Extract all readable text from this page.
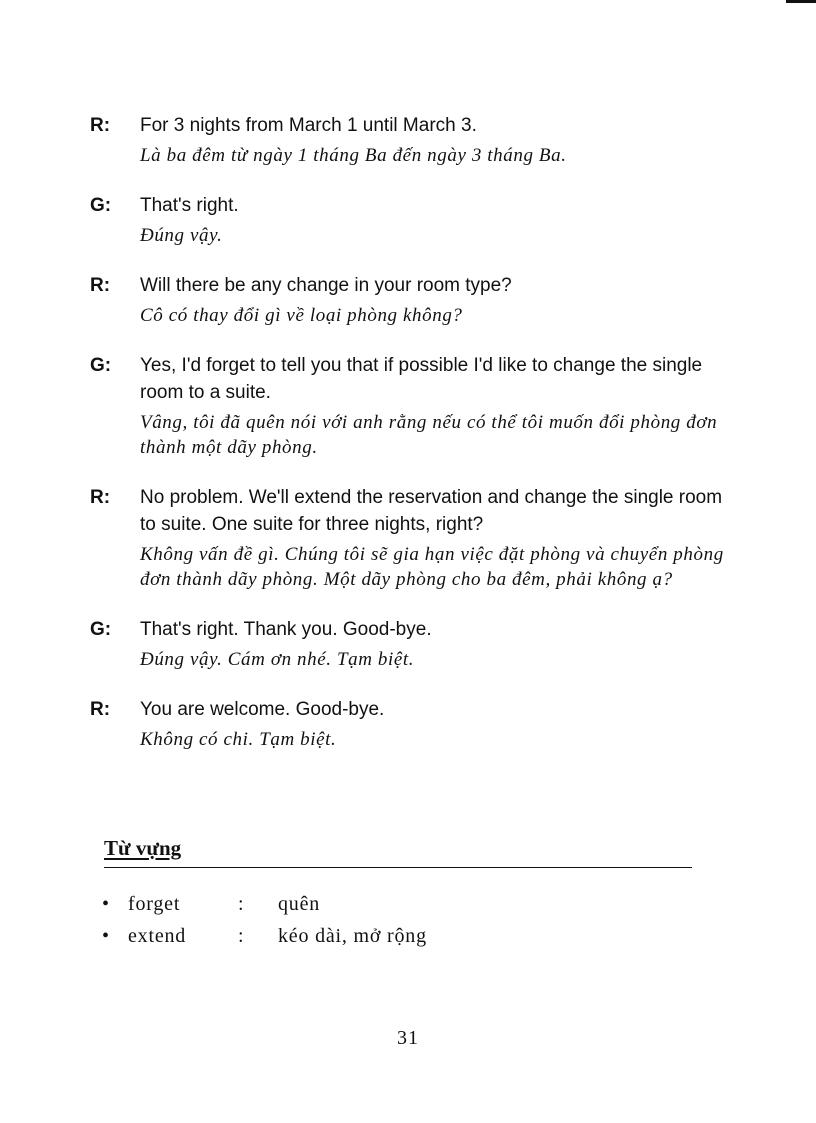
R: For 3 nights from March 1 until March 3.
Là ba đêm từ ngày 1 tháng Ba đến ngày 3 tháng Ba.
G: That's right.
Đúng vậy.
R: Will there be any change in your room type?
Cô có thay đổi gì về loại phòng không?
G: Yes, I'd forget to tell you that if possible I'd like to change the single room to a suite.
Vâng, tôi đã quên nói với anh rằng nếu có thể tôi muốn đổi phòng đơn thành một dãy phòng.
R: No problem. We'll extend the reservation and change the single room to suite. One suite for three nights, right?
Không vấn đề gì. Chúng tôi sẽ gia hạn việc đặt phòng và chuyển phòng đơn thành dãy phòng. Một dãy phòng cho ba đêm, phải không ạ?
G: That's right. Thank you. Good-bye.
Đúng vậy. Cám ơn nhé. Tạm biệt.
R: You are welcome. Good-bye.
Không có chi. Tạm biệt.
Từ vựng
• forget	:	quên
• extend	:	kéo dài, mở rộng
31
